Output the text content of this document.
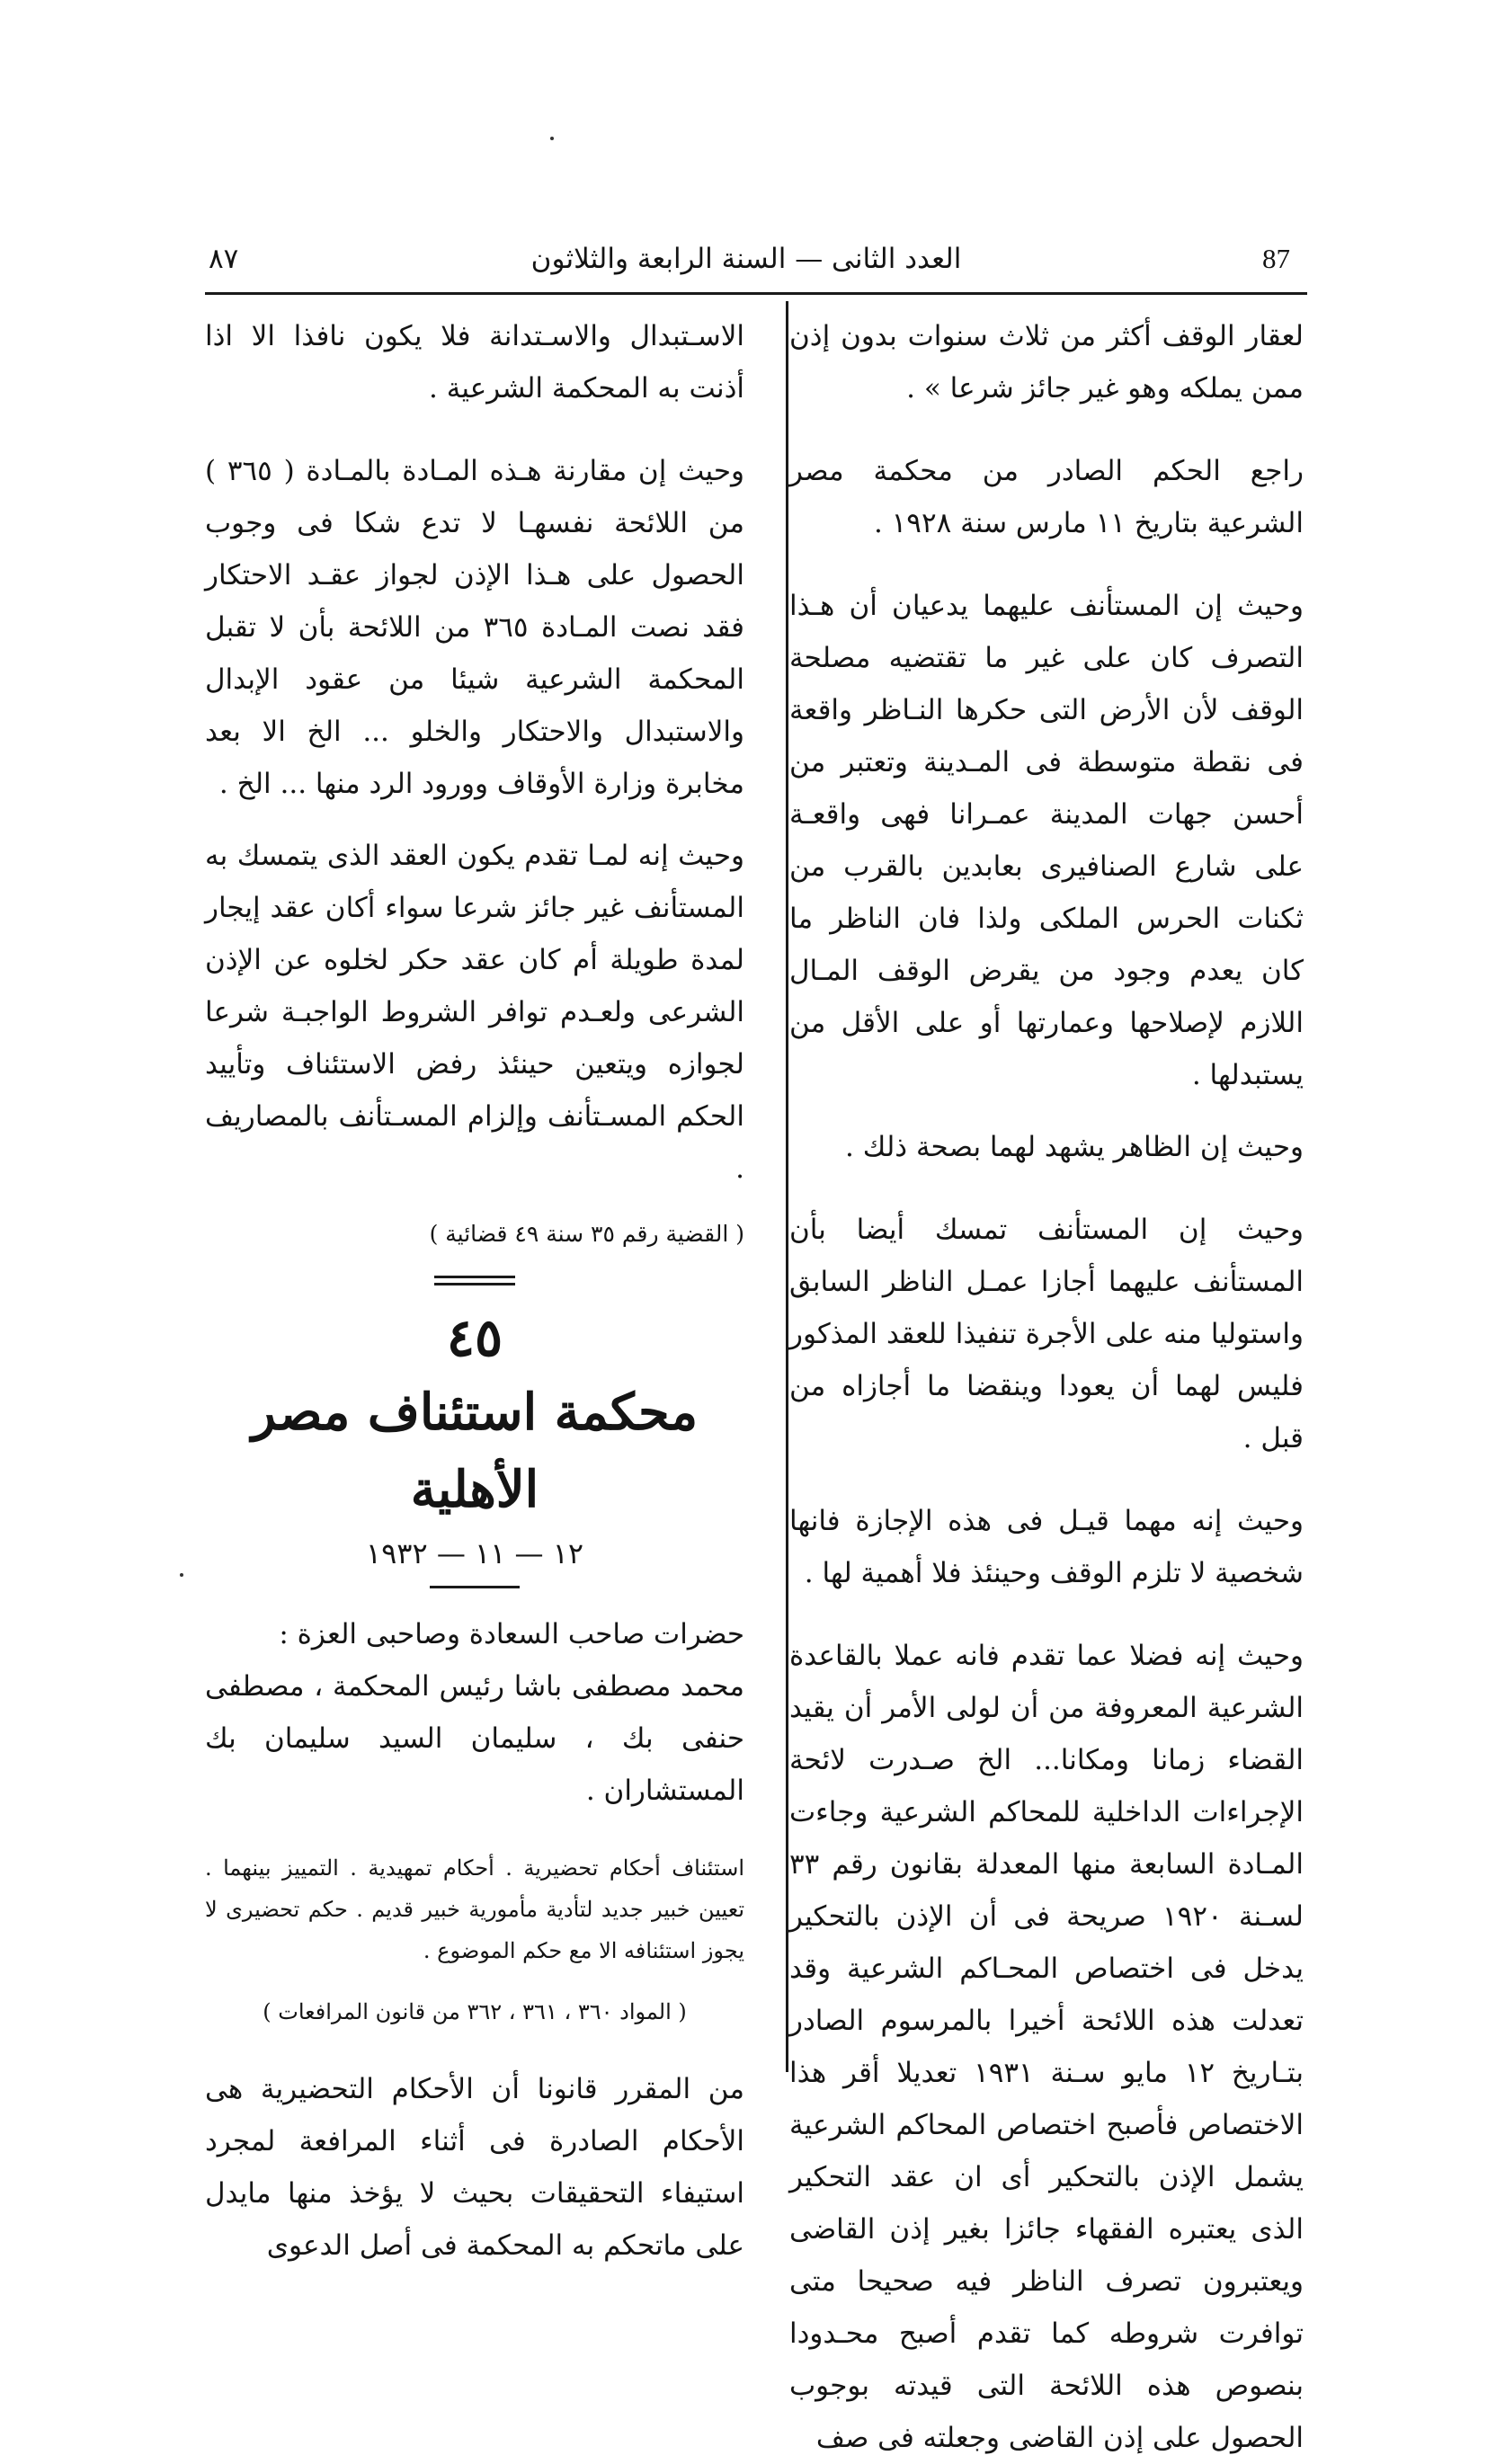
٨٧	العدد الثانى — السنة الرابعة والثلاثون	87

لعقار الوقف أكثر من ثلاث سنوات بدون إذن ممن يملكه وهو غير جائز شرعا » .

راجع الحكم الصادر من محكمة مصر الشرعية بتاريخ ١١ مارس سنة ١٩٢٨ .

وحيث إن المستأنف عليهما يدعيان أن هـذا التصرف كان على غير ما تقتضيه مصلحة الوقف لأن الأرض التى حكرها النـاظر واقعة فى نقطة متوسطة فى المـدينة وتعتبر من أحسن جهات المدينة عمـرانا فهى واقعـة على شارع الصنافيرى بعابدين بالقرب من ثكنات الحرس الملكى ولذا فان الناظر ما كان يعدم وجود من يقرض الوقف المـال اللازم لإصلاحها وعمارتها أو على الأقل من يستبدلها .

وحيث إن الظاهر يشهد لهما بصحة ذلك .

وحيث إن المستأنف تمسك أيضا بأن المستأنف عليهما أجازا عمـل الناظر السابق واستوليا منه على الأجرة تنفيذا للعقد المذكور فليس لهما أن يعودا وينقضا ما أجازاه من قبل .

وحيث إنه مهما قيـل فى هذه الإجازة فانها شخصية لا تلزم الوقف وحينئذ فلا أهمية لها .

وحيث إنه فضلا عما تقدم فانه عملا بالقاعدة الشرعية المعروفة من أن لولى الأمر أن يقيد القضاء زمانا ومكانا... الخ صـدرت لائحة الإجراءات الداخلية للمحاكم الشرعية وجاءت المـادة السابعة منها المعدلة بقانون رقم ٣٣ لسـنة ١٩٢٠ صريحة فى أن الإذن بالتحكير يدخل فى اختصاص المحـاكم الشرعية وقد تعدلت هذه اللائحة أخيرا بالمرسوم الصادر بتـاريخ ١٢ مايو سـنة ١٩٣١ تعديلا أقر هذا الاختصاص فأصبح اختصاص المحاكم الشرعية يشمل الإذن بالتحكير أى ان عقد التحكير الذى يعتبره الفقهاء جائزا بغير إذن القاضى ويعتبرون تصرف الناظر فيه صحيحا متى توافرت شروطه كما تقدم أصبح محـدودا بنصوص هذه اللائحة التى قيدته بوجوب الحصول على إذن القاضى وجعلته فى صف

الاسـتبدال والاسـتدانة فلا يكون نافذا الا اذا أذنت به المحكمة الشرعية .

وحيث إن مقارنة هـذه المـادة بالمـادة ( ٣٦٥ ) من اللائحة نفسهـا لا تدع شكا فى وجوب الحصول على هـذا الإذن لجواز عقـد الاحتكار فقد نصت المـادة ٣٦٥ من اللائحة بأن لا تقبل المحكمة الشرعية شيئا من عقود الإبدال والاستبدال والاحتكار والخلو ... الخ الا بعد مخابرة وزارة الأوقاف وورود الرد منها ... الخ .

وحيث إنه لمـا تقدم يكون العقد الذى يتمسك به المستأنف غير جائز شرعا سواء أكان عقد إيجار لمدة طويلة أم كان عقد حكر لخلوه عن الإذن الشرعى ولعـدم توافر الشروط الواجبـة شرعا لجوازه ويتعين حينئذ رفض الاستئناف وتأييد الحكم المسـتأنف وإلزام المسـتأنف بالمصاريف .

( القضية رقم ٣٥ سنة ٤٩ قضائية )

٤٥

محكمة استئناف مصر الأهلية

١٢ — ١١ — ١٩٣٢

حضرات صاحب السعادة وصاحبى العزة :

محمد مصطفى باشا رئيس المحكمة ، مصطفى حنفى بك ، سليمان السيد سليمان بك المستشاران .

استئناف أحكام تحضيرية . أحكام تمهيدية . التمييز بينهما . تعيين خبير جديد لتأدية مأمورية خبير قديم . حكم تحضيرى لا يجوز استئنافه الا مع حكم الموضوع .

( المواد ٣٦٠ ، ٣٦١ ، ٣٦٢ من قانون المرافعات )

من المقرر قانونا أن الأحكام التحضيرية هى الأحكام الصادرة فى أثناء المرافعة لمجرد استيفاء التحقيقات بحيث لا يؤخذ منها مايدل على ماتحكم به المحكمة فى أصل الدعوى
